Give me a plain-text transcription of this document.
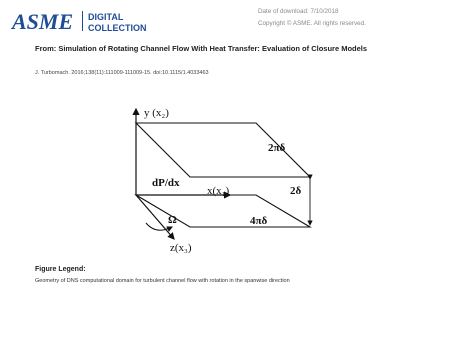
ASME DIGITAL
COLLECTION
Date of download: 7/10/2018
Copyright © ASME. All rights reserved.
From: Simulation of Rotating Channel Flow With Heat Transfer: Evaluation of Closure Models
J. Turbomach. 2016;138(11):111009-111009-15. doi:10.1115/1.4033463
y (x₂)
2πδ
dP/dx
x(x₁)	2δ
4πδ
Ω
z(x₃)
Figure Legend:
Geometry of DNS computational domain for turbulent channel flow with rotation in the spanwise direction
